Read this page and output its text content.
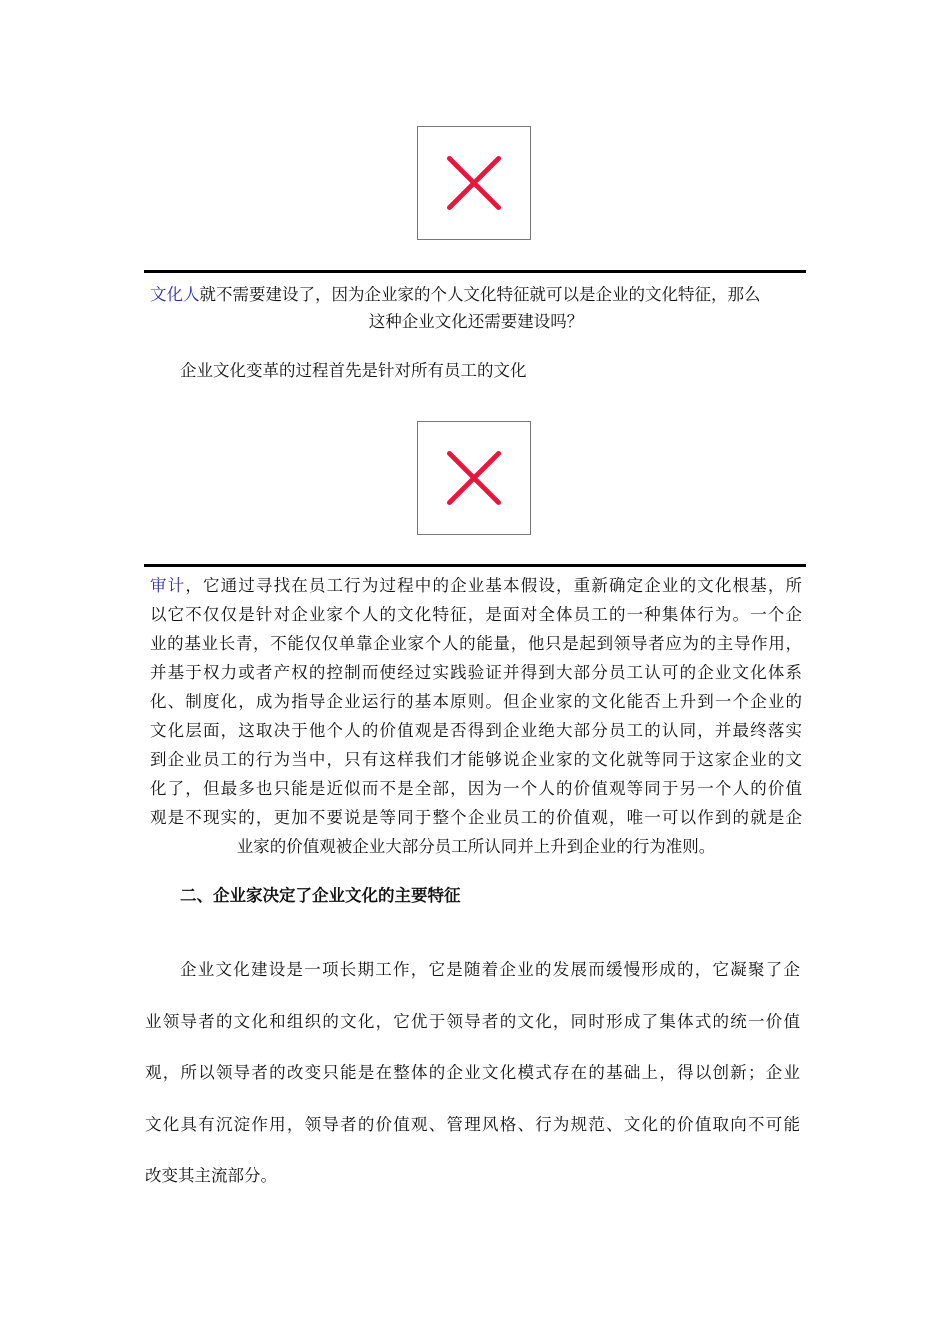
文化人就不需要建设了，因为企业家的个人文化特征就可以是企业的文化特征，那么
这种企业文化还需要建设吗？
企业文化变革的过程首先是针对所有员工的文化
审计，它通过寻找在员工行为过程中的企业基本假设，重新确定企业的文化根基，所
以它不仅仅是针对企业家个人的文化特征，是面对全体员工的一种集体行为。一个企
业的基业长青，不能仅仅单靠企业家个人的能量，他只是起到领导者应为的主导作用，
并基于权力或者产权的控制而使经过实践验证并得到大部分员工认可的企业文化体系
化、制度化，成为指导企业运行的基本原则。但企业家的文化能否上升到一个企业的
文化层面，这取决于他个人的价值观是否得到企业绝大部分员工的认同，并最终落实
到企业员工的行为当中，只有这样我们才能够说企业家的文化就等同于这家企业的文
化了，但最多也只能是近似而不是全部，因为一个人的价值观等同于另一个人的价值
观是不现实的，更加不要说是等同于整个企业员工的价值观，唯一可以作到的就是企
业家的价值观被企业大部分员工所认同并上升到企业的行为准则。
二、企业家决定了企业文化的主要特征
企业文化建设是一项长期工作，它是随着企业的发展而缓慢形成的，它凝聚了企
业领导者的文化和组织的文化，它优于领导者的文化，同时形成了集体式的统一价值
观，所以领导者的改变只能是在整体的企业文化模式存在的基础上，得以创新；企业
文化具有沉淀作用，领导者的价值观、管理风格、行为规范、文化的价值取向不可能
改变其主流部分。
